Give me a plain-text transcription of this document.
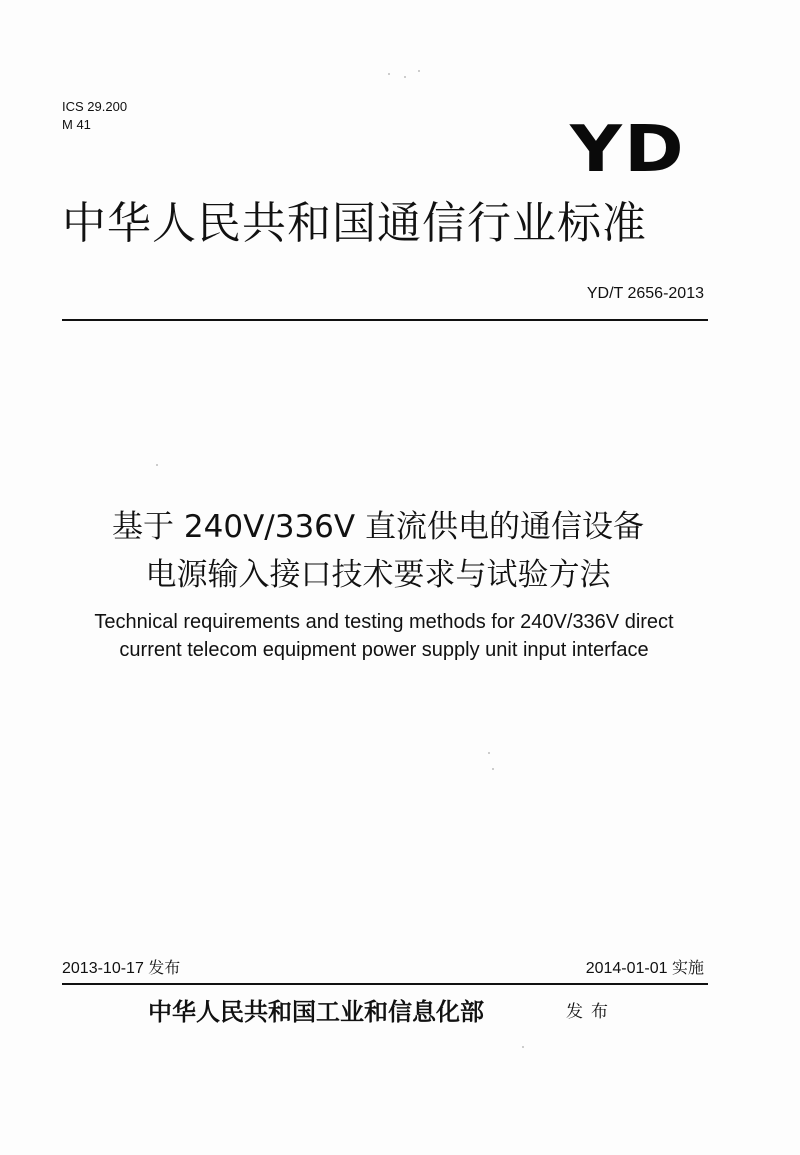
ICS 29.200
M 41	YD
中华人民共和国通信行业标准
YD/T 2656-2013
基于 240V/336V 直流供电的通信设备
电源输入接口技术要求与试验方法
Technical requirements and testing methods for 240V/336V direct
current telecom equipment power supply unit input interface
2013-10-17 发布	2014-01-01 实施
中华人民共和国工业和信息化部	发布
